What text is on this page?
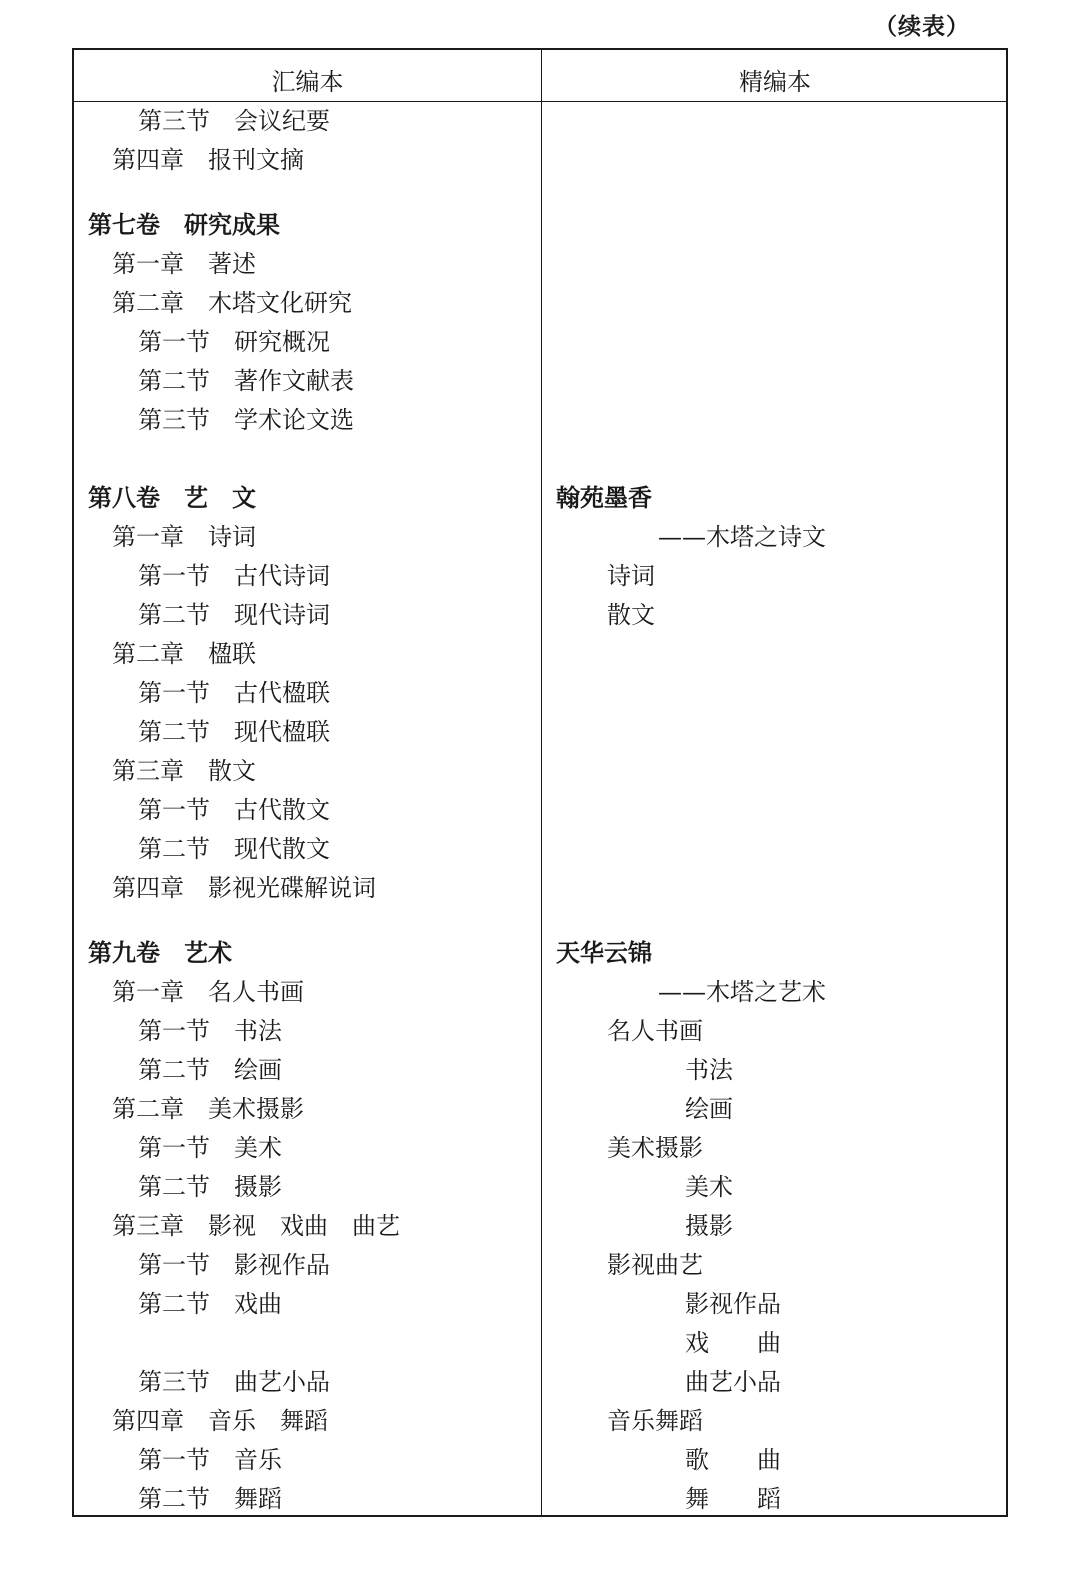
（续表）
汇编本	精编本
第三节　会议纪要
第四章　报刊文摘
第七卷　研究成果
第一章　著述
第二章　木塔文化研究
第一节　研究概况
第二节　著作文献表
第三节　学术论文选
第八卷　艺　文
第一章　诗词
第一节　古代诗词
第二节　现代诗词
第二章　楹联
第一节　古代楹联
第二节　现代楹联
第三章　散文
第一节　古代散文
第二节　现代散文
第四章　影视光碟解说词
第九卷　艺术
第一章　名人书画
第一节　书法
第二节　绘画
第二章　美术摄影
第一节　美术
第二节　摄影
第三章　影视　戏曲　曲艺
第一节　影视作品
第二节　戏曲
第三节　曲艺小品
第四章　音乐　舞蹈
第一节　音乐
第二节　舞蹈
翰苑墨香
——木塔之诗文
诗词
散文
天华云锦
——木塔之艺术
名人书画
书法
绘画
美术摄影
美术
摄影
影视曲艺
影视作品
戏　　曲
曲艺小品
音乐舞蹈
歌　　曲
舞　　蹈
